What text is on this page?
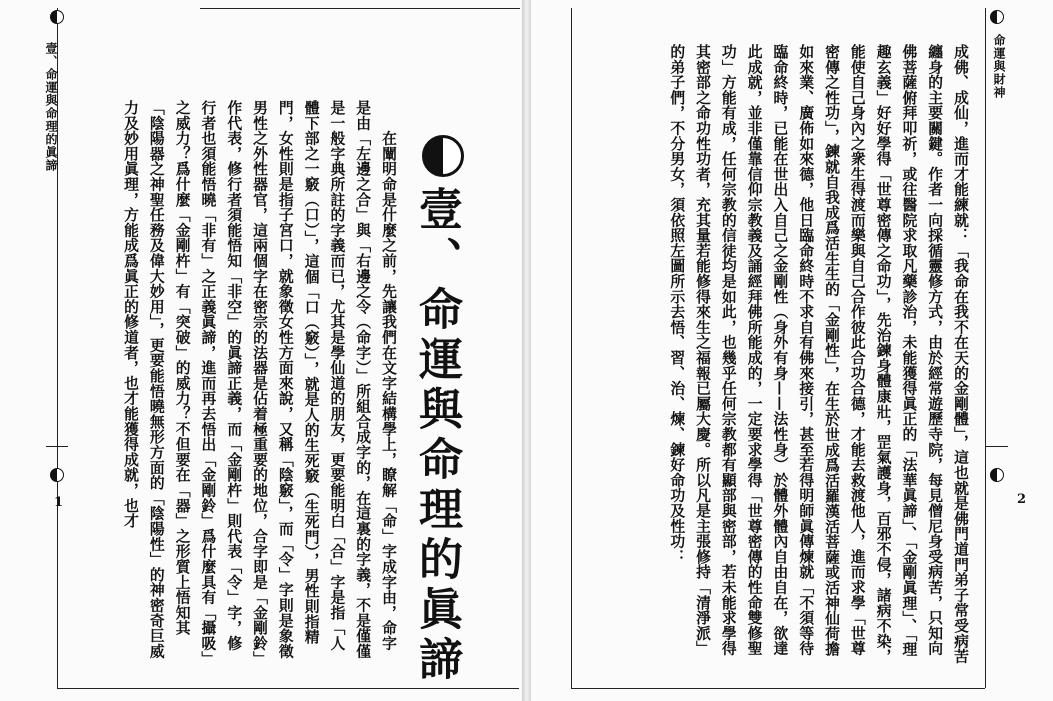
壹、命運與命理的眞諦
1	　　在闡明命是什麼之前，先讓我們在文字結構學上，瞭解「命」字成字由，命字是由「左邊之合」與「右邊之令（命字）」所組合成字的，在這裏的字義，不是僅僅是一般字典所註的字義而已，尤其是學仙道的朋友，更要能明白「合」字是指「人體下部之一竅（口）」，這個「口（竅）」，就是人的生死竅（生死門），男性則指精門，女性則是指子宮口，就象徵女性方面來說，又稱「陰竅」，而「令」字則是象徵男性之外性器官，這兩個字在密宗的法器是佔着極重要的地位，合字即是「金剛鈴」作代表，修行者須能悟知「非空」的眞諦正義，而「金剛杵」則代表「令」字，修行者也須能悟曉「非有」之正義眞諦，進而再去悟出「金剛鈴」爲什麼具有「攝吸」之威力？爲什麼「金剛杵」有「突破」的威力？不但要在「器」之形質上悟知其「陰陽器之神聖任務及偉大妙用」，更要能悟曉無形方面的「陰陽性」的神密奇巨威力及妙用眞理，方能成爲眞正的修道者，也才能獲得成就，也才	壹、命運與命理的眞諦
命運與財神
2

成佛、成仙，進而才能練就：「我命在我不在天的金剛體」，這也就是佛門道門弟子常受病苦纏身的主要關鍵。作者一向採循靈修方式，由於經常遊歷寺院，每見僧尼身受病苦，只知向佛菩薩俯拜叩祈，或往醫院求取凡藥診治，未能獲得眞正的「法華眞諦」、「金剛眞理」、「理趣玄義」好好學得「世尊密傳之命功」，先治鍊身體康壯，罡氣護身，百邪不侵，諸病不染，能使自己身內之衆生得渡而樂與自己合作彼此合功合德，才能去救渡他人，進而求學「世尊密傳之性功」，鍊就自我成爲活生生的「金剛性」，在生於世成爲活羅漢活菩薩或活神仙荷擔如來業、廣佈如來德，他日臨命終時不求自有佛來接引，甚至若得明師眞傳煉就「不須等待臨命終時，已能在世出入自己之金剛性（身外有身——法性身）於體外體內自由自在，欲達此成就，並非僅靠信仰宗教義及誦經拜佛所能成的，一定要求學得「世尊密傳的性命雙修聖功」方能有成，任何宗教的信徒均是如此，也幾乎任何宗教都有顯部與密部，若未能求學得其密部之命功性功者，充其量若能修得來生之福報已屬大慶。所以凡是主張修持「清淨派」的弟子們，不分男女，須依照左圖所示去悟、習、治、煉、鍊好命功及性功：
